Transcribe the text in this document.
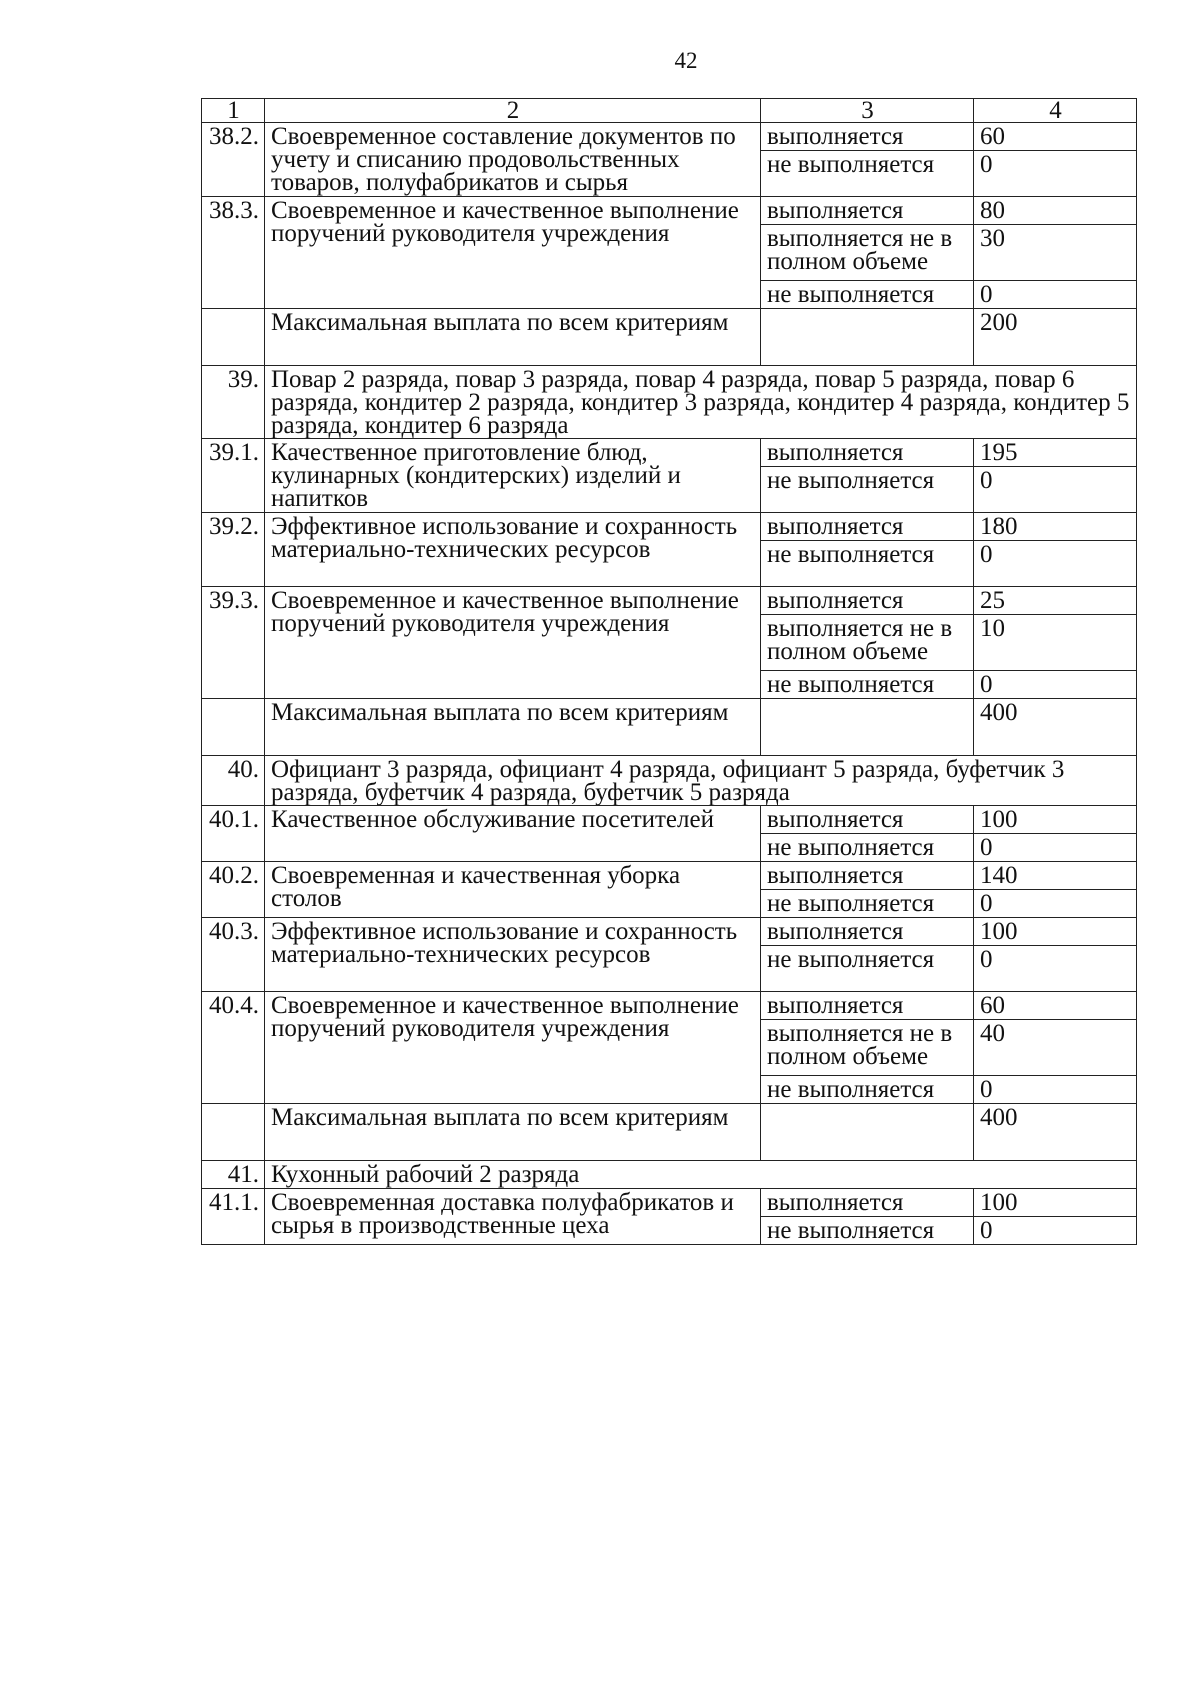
42
1	2	3	4
38.2.	Своевременное составление документов по учету и списанию продовольственных товаров, полуфабрикатов и сырья	выполняется	60
		не выполняется	0
38.3.	Своевременное и качественное выполнение поручений руководителя учреждения	выполняется	80
		выполняется не в полном объеме	30
		не выполняется	0
	Максимальная выплата по всем критериям		200
39.	Повар 2 разряда, повар 3 разряда, повар 4 разряда, повар 5 разряда, повар 6 разряда, кондитер 2 разряда, кондитер 3 разряда, кондитер 4 разряда, кондитер 5 разряда, кондитер 6 разряда		
39.1.	Качественное приготовление блюд, кулинарных (кондитерских) изделий и напитков	выполняется	195
		не выполняется	0
39.2.	Эффективное использование и сохранность материально-технических ресурсов	выполняется	180
		не выполняется	0
39.3.	Своевременное и качественное выполнение поручений руководителя учреждения	выполняется	25
		выполняется не в полном объеме	10
		не выполняется	0
	Максимальная выплата по всем критериям		400
40.	Официант 3 разряда, официант 4 разряда, официант 5 разряда, буфетчик 3 разряда, буфетчик 4 разряда, буфетчик 5 разряда		
40.1.	Качественное обслуживание посетителей	выполняется	100
		не выполняется	0
40.2.	Своевременная и качественная уборка столов	выполняется	140
		не выполняется	0
40.3.	Эффективное использование и сохранность материально-технических ресурсов	выполняется	100
		не выполняется	0
40.4.	Своевременное и качественное выполнение поручений руководителя учреждения	выполняется	60
		выполняется не в полном объеме	40
		не выполняется	0
	Максимальная выплата по всем критериям		400
41.	Кухонный рабочий 2 разряда		
41.1.	Своевременная доставка полуфабрикатов и сырья в производственные цеха	выполняется	100
		не выполняется	0
